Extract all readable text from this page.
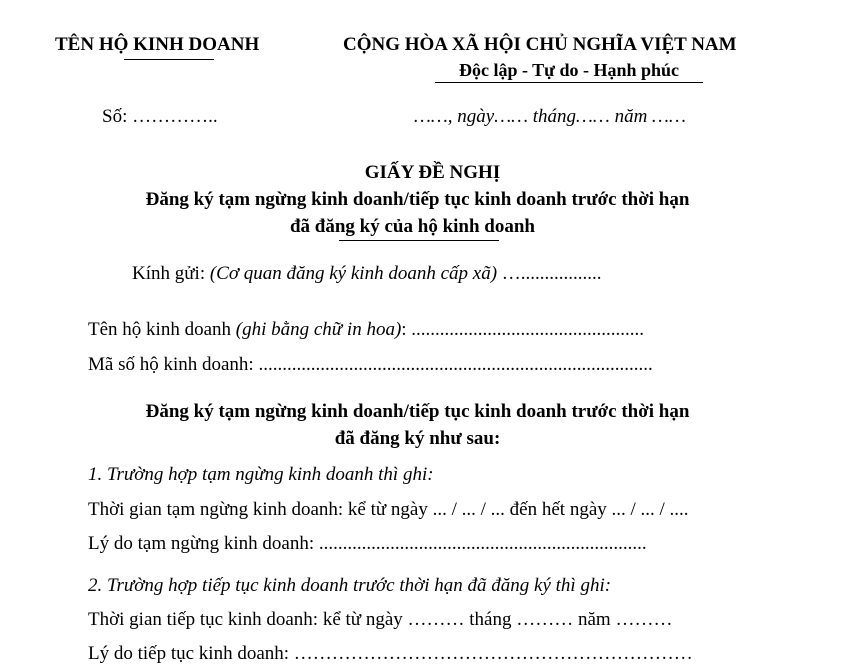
TÊN HỘ KINH DOANH	CỘNG HÒA XÃ HỘI CHỦ NGHĨA VIỆT NAM
Độc lập - Tự do - Hạnh phúc
Số: …………..	……, ngày…… tháng…… năm ……
GIẤY ĐỀ NGHỊ
Đăng ký tạm ngừng kinh doanh/tiếp tục kinh doanh trước thời hạn
đã đăng ký của hộ kinh doanh
Kính gửi: (Cơ quan đăng ký kinh doanh cấp xã) ….................
Tên hộ kinh doanh (ghi bằng chữ in hoa): .................................................
Mã số hộ kinh doanh: ...................................................................................
Đăng ký tạm ngừng kinh doanh/tiếp tục kinh doanh trước thời hạn
đã đăng ký như sau:
1. Trường hợp tạm ngừng kinh doanh thì ghi:
Thời gian tạm ngừng kinh doanh: kể từ ngày ... / ... / ... đến hết ngày ... / ... / ....
Lý do tạm ngừng kinh doanh: .....................................................................
2. Trường hợp tiếp tục kinh doanh trước thời hạn đã đăng ký thì ghi:
Thời gian tiếp tục kinh doanh: kể từ ngày ……… tháng ……… năm ………
Lý do tiếp tục kinh doanh: ………………………………………………………
